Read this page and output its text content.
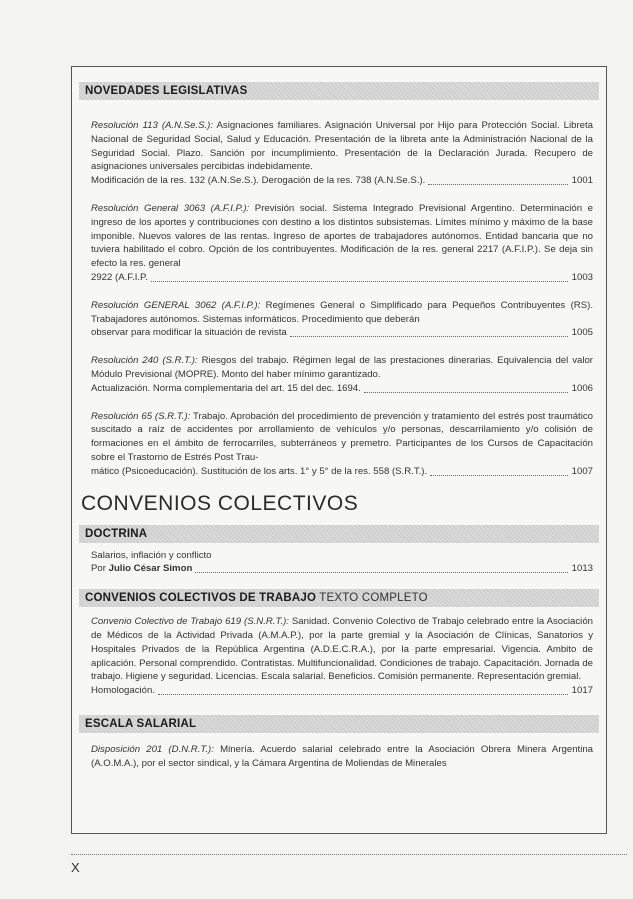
NOVEDADES LEGISLATIVAS
Resolución 113 (A.N.Se.S.): Asignaciones familiares. Asignación Universal por Hijo para Protección Social. Libreta Nacional de Seguridad Social, Salud y Educación. Presentación de la libreta ante la Administración Nacional de la Seguridad Social. Plazo. Sanción por incumplimiento. Presentación de la Declaración Jurada. Recupero de asignaciones universales percibidas indebidamente.
Modificación de la res. 132 (A.N.Se.S.). Derogación de la res. 738 (A.N.Se.S.).	1001
Resolución General 3063 (A.F.I.P.): Previsión social. Sistema Integrado Previsional Argentino. Determinación e ingreso de los aportes y contribuciones con destino a los distintos subsistemas. Límites mínimo y máximo de la base imponible. Nuevos valores de las rentas. Ingreso de aportes de trabajadores autónomos. Entidad bancaria que no tuviera habilitado el cobro. Opción de los contribuyentes. Modificación de la res. general 2217 (A.F.I.P.). Se deja sin efecto la res. general
2922 (A.F.I.P.	1003
Resolución GENERAL 3062 (A.F.I.P.): Regímenes General o Simplificado para Pequeños Contribuyentes (RS). Trabajadores autónomos. Sistemas informáticos. Procedimiento que deberán
observar para modificar la situación de revista	1005
Resolución 240 (S.R.T.): Riesgos del trabajo. Régimen legal de las prestaciones dinerarias. Equivalencia del valor Módulo Previsional (MOPRE). Monto del haber mínimo garantizado.
Actualización. Norma complementaria del art. 15 del dec. 1694.	1006
Resolución 65 (S.R.T.): Trabajo. Aprobación del procedimiento de prevención y tratamiento del estrés post traumático suscitado a raíz de accidentes por arrollamiento de vehículos y/o personas, descarrilamiento y/o colisión de formaciones en el ámbito de ferrocarriles, subterráneos y premetro. Participantes de los Cursos de Capacitación sobre el Trastorno de Estrés Post Trau-
mático (Psicoeducación). Sustitución de los arts. 1° y 5° de la res. 558 (S.R.T.).	1007
CONVENIOS COLECTIVOS
DOCTRINA
Salarios, inflación y conflicto
Por Julio César Simon	1013
CONVENIOS COLECTIVOS DE TRABAJO TEXTO COMPLETO
Convenio Colectivo de Trabajo 619 (S.N.R.T.): Sanidad. Convenio Colectivo de Trabajo celebrado entre la Asociación de Médicos de la Actividad Privada (A.M.A.P.), por la parte gremial y la Asociación de Clínicas, Sanatorios y Hospitales Privados de la República Argentina (A.D.E.C.R.A.), por la parte empresarial. Vigencia. Ambito de aplicación. Personal comprendido. Contratistas. Multifuncionalidad. Condiciones de trabajo. Capacitación. Jornada de trabajo. Higiene y seguridad. Licencias. Escala salarial. Beneficios. Comisión permanente. Representación gremial.
Homologación.	1017
ESCALA SALARIAL
Disposición 201 (D.N.R.T.): Minería. Acuerdo salarial celebrado entre la Asociación Obrera Minera Argentina (A.O.M.A.), por el sector sindical, y la Cámara Argentina de Moliendas de Minerales
X
